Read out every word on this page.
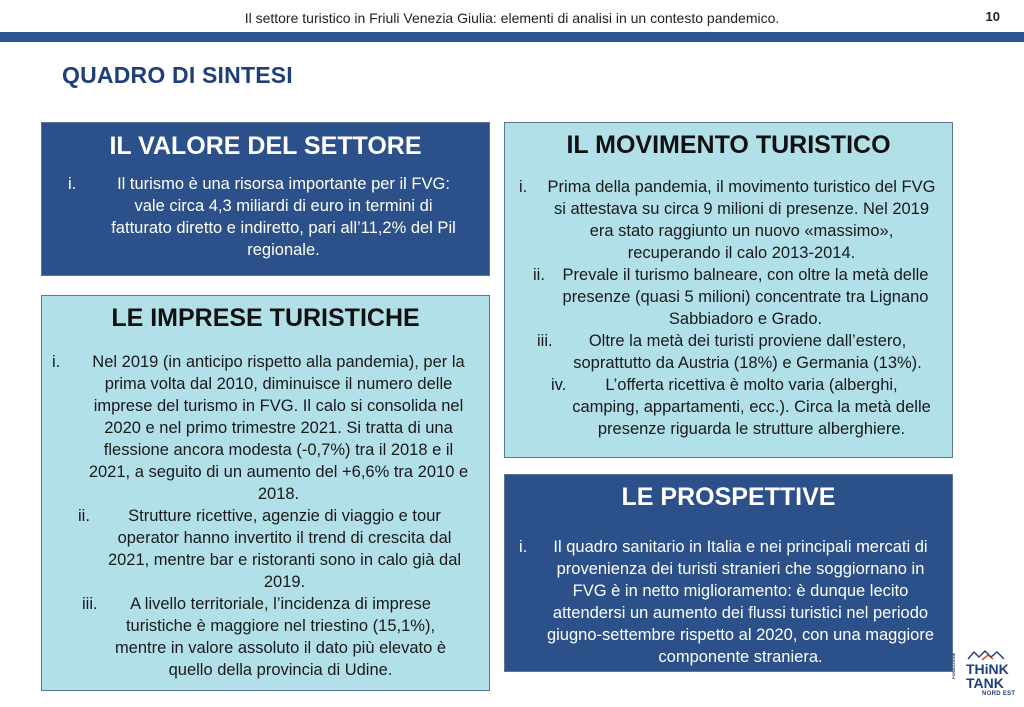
Il settore turistico in Friuli Venezia Giulia: elementi di analisi in un contesto pandemico.	10
QUADRO DI SINTESI
IL VALORE DEL SETTORE
i. Il turismo è una risorsa importante per il FVG: vale circa 4,3 miliardi di euro in termini di fatturato diretto e indiretto, pari all’11,2% del Pil regionale.
LE IMPRESE TURISTICHE
i. Nel 2019 (in anticipo rispetto alla pandemia), per la prima volta dal 2010, diminuisce il numero delle imprese del turismo in FVG. Il calo si consolida nel 2020 e nel primo trimestre 2021. Si tratta di una flessione ancora modesta (-0,7%) tra il 2018 e il 2021, a seguito di un aumento del +6,6% tra 2010 e 2018.
ii. Strutture ricettive, agenzie di viaggio e tour operator hanno invertito il trend di crescita dal 2021, mentre bar e ristoranti sono in calo già dal 2019.
iii. A livello territoriale, l’incidenza di imprese turistiche è maggiore nel triestino (15,1%), mentre in valore assoluto il dato più elevato è quello della provincia di Udine.
IL MOVIMENTO TURISTICO
i. Prima della pandemia, il movimento turistico del FVG si attestava su circa 9 milioni di presenze. Nel 2019 era stato raggiunto un nuovo «massimo», recuperando il calo 2013-2014.
ii. Prevale il turismo balneare, con oltre la metà delle presenze (quasi 5 milioni) concentrate tra Lignano Sabbiadoro e Grado.
iii. Oltre la metà dei turisti proviene dall’estero, soprattutto da Austria (18%) e Germania (13%).
iv. L’offerta ricettiva è molto varia (alberghi, camping, appartamenti, ecc.). Circa la metà delle presenze riguarda le strutture alberghiere.
LE PROSPETTIVE
i. Il quadro sanitario in Italia e nei principali mercati di provenienza dei turisti stranieri che soggiornano in FVG è in netto miglioramento: è dunque lecito attendersi un aumento dei flussi turistici nel periodo giugno-settembre rispetto al 2020, con una maggiore componente straniera.	FONDAZIONE THiNK
TANK
NORD EST
